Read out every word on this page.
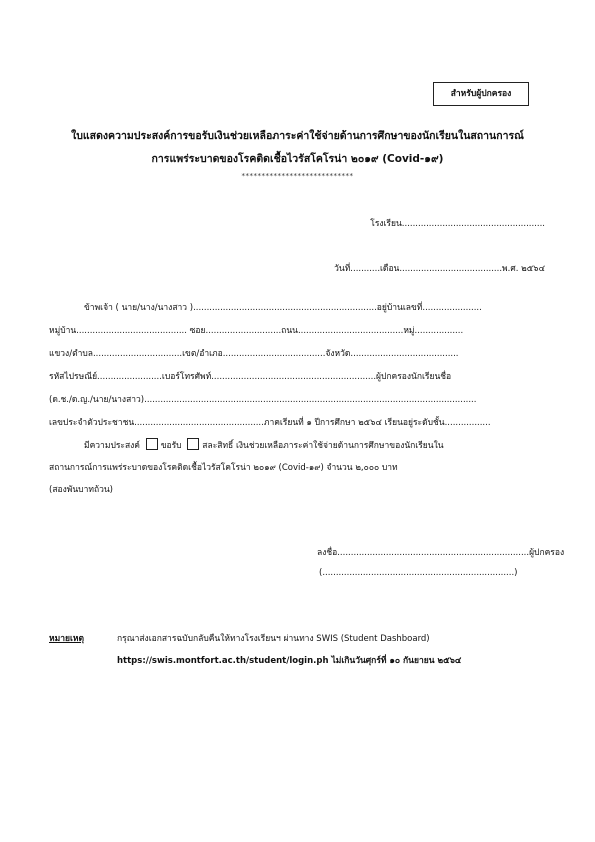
สำหรับผู้ปกครอง
ใบแสดงความประสงค์การขอรับเงินช่วยเหลือภาระค่าใช้จ่ายด้านการศึกษาของนักเรียนในสถานการณ์
การแพร่ระบาดของโรคติดเชื้อไวรัสโคโรน่า ๒๐๑๙ (Covid-๑๙)
****************************
โรงเรียน.....................................................
วันที่...........เดือน......................................พ.ศ. ๒๕๖๔
ข้าพเจ้า ( นาย/นาง/นางสาว )....................................................................อยู่บ้านเลขที่......................
หมู่บ้าน......................................... ซอย............................ถนน.......................................หมู่..................
แขวง/ตำบล.................................เขต/อำเภอ......................................จังหวัด........................................
รหัสไปรษณีย์........................เบอร์โทรศัพท์.............................................................ผู้ปกครองนักเรียนชื่อ
(ด.ช./ด.ญ./นาย/นางสาว)...........................................................................................................................
เลขประจำตัวประชาชน................................................ภาคเรียนที่ ๑ ปีการศึกษา ๒๕๖๔ เรียนอยู่ระดับชั้น.................
มีความประสงค์ ขอรับ สละสิทธิ์ เงินช่วยเหลือภาระค่าใช้จ่ายด้านการศึกษาของนักเรียนใน
สถานการณ์การแพร่ระบาดของโรคติดเชื้อไวรัสโคโรน่า ๒๐๑๙ (Covid-๑๙) จำนวน ๒,๐๐๐ บาท
(สองพันบาทถ้วน)
ลงชื่อ.......................................................................ผู้ปกครอง
(.......................................................................)
หมายเหตุ	กรุณาส่งเอกสารฉบับกลับคืนให้ทางโรงเรียนฯ ผ่านทาง SWIS (Student Dashboard)
https://swis.montfort.ac.th/student/login.ph ไม่เกินวันศุกร์ที่ ๑๐ กันยายน ๒๕๖๔
